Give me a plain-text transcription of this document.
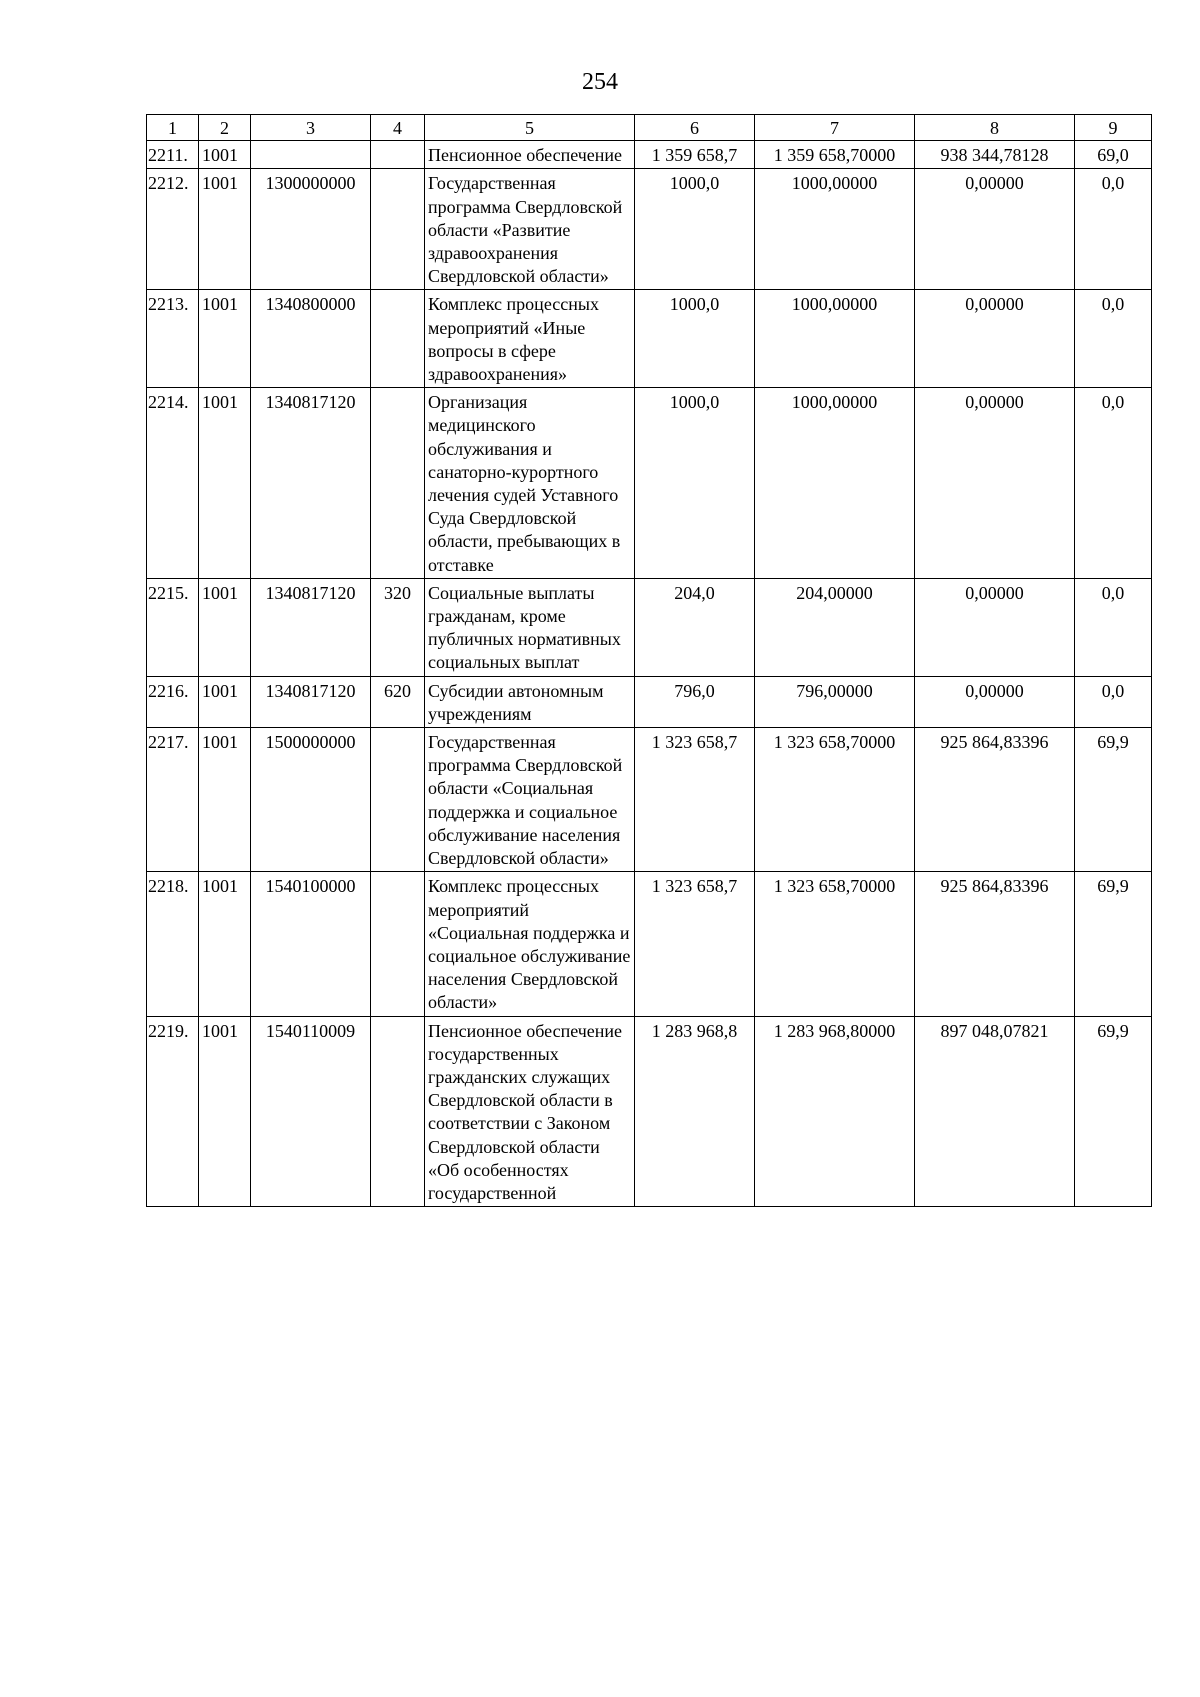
254
1	2	3	4	5	6	7	8	9
2211.	1001			Пенсионное обеспечение	1 359 658,7	1 359 658,70000	938 344,78128	69,0
2212.	1001	1300000000		Государственная программа Свердловской области «Развитие здравоохранения Свердловской области»	1000,0	1000,00000	0,00000	0,0
2213.	1001	1340800000		Комплекс процессных мероприятий «Иные вопросы в сфере здравоохранения»	1000,0	1000,00000	0,00000	0,0
2214.	1001	1340817120		Организация медицинского обслуживания и санаторно-курортного лечения судей Уставного Суда Свердловской области, пребывающих в отставке	1000,0	1000,00000	0,00000	0,0
2215.	1001	1340817120	320	Социальные выплаты гражданам, кроме публичных нормативных социальных выплат	204,0	204,00000	0,00000	0,0
2216.	1001	1340817120	620	Субсидии автономным учреждениям	796,0	796,00000	0,00000	0,0
2217.	1001	1500000000		Государственная программа Свердловской области «Социальная поддержка и социальное обслуживание населения Свердловской области»	1 323 658,7	1 323 658,70000	925 864,83396	69,9
2218.	1001	1540100000		Комплекс процессных мероприятий «Социальная поддержка и социальное обслуживание населения Свердловской области»	1 323 658,7	1 323 658,70000	925 864,83396	69,9
2219.	1001	1540110009		Пенсионное обеспечение государственных гражданских служащих Свердловской области в соответствии с Законом Свердловской области «Об особенностях государственной	1 283 968,8	1 283 968,80000	897 048,07821	69,9
